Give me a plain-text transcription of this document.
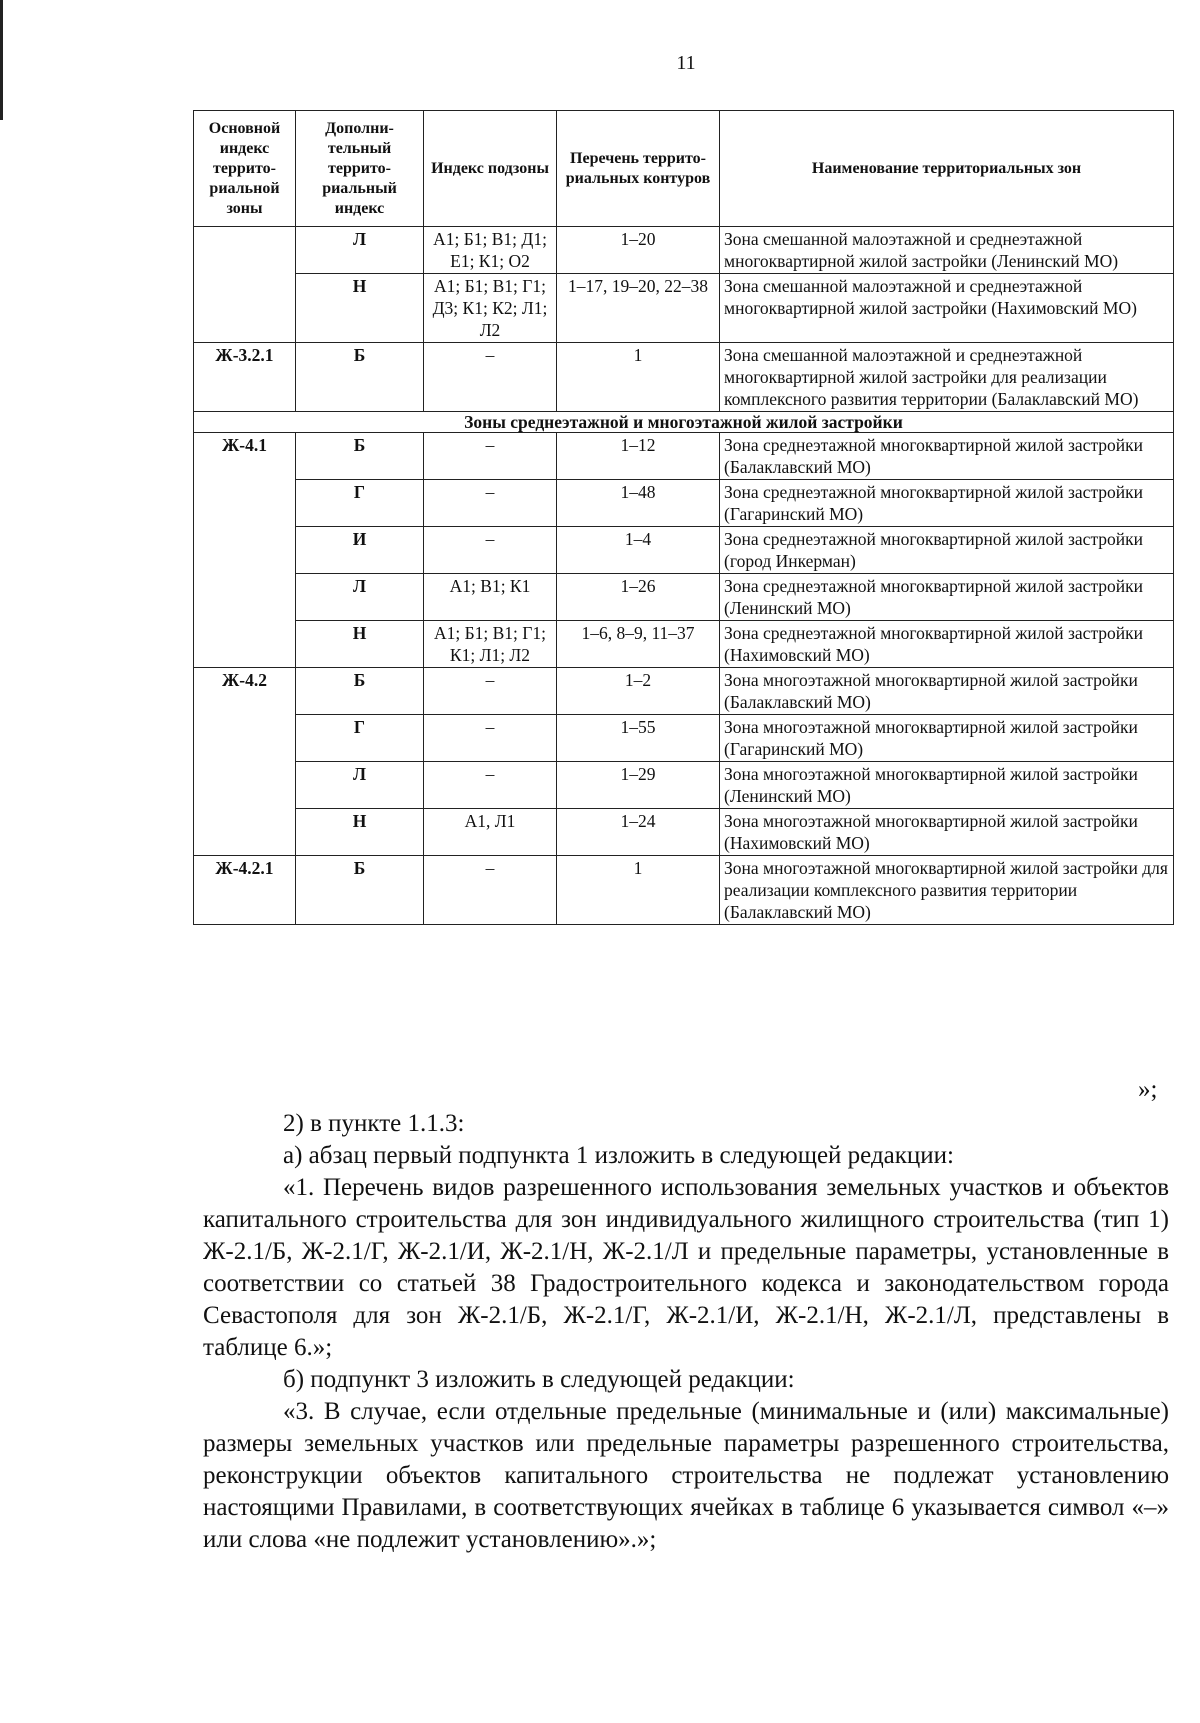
11
Основной индекс террито-риальной зоны	Дополни-тельный террито-риальный индекс	Индекс подзоны	Перечень террито-риальных контуров	Наименование территориальных зон
	Л	А1; Б1; В1; Д1; Е1; К1; О2	1–20	Зона смешанной малоэтажной и среднеэтажной многоквартирной жилой застройки (Ленинский МО)
	Н	А1; Б1; В1; Г1; Д3; К1; К2; Л1; Л2	1–17, 19–20, 22–38	Зона смешанной малоэтажной и среднеэтажной многоквартирной жилой застройки (Нахимовский МО)
Ж-3.2.1	Б	–	1	Зона смешанной малоэтажной и среднеэтажной многоквартирной жилой застройки для реализации комплексного развития территории (Балаклавский МО)
Зоны среднеэтажной и многоэтажной жилой застройки				
Ж-4.1	Б	–	1–12	Зона среднеэтажной многоквартирной жилой застройки (Балаклавский МО)
	Г	–	1–48	Зона среднеэтажной многоквартирной жилой застройки (Гагаринский МО)
	И	–	1–4	Зона среднеэтажной многоквартирной жилой застройки (город Инкерман)
	Л	А1; В1; К1	1–26	Зона среднеэтажной многоквартирной жилой застройки (Ленинский МО)
	Н	А1; Б1; В1; Г1; К1; Л1; Л2	1–6, 8–9, 11–37	Зона среднеэтажной многоквартирной жилой застройки (Нахимовский МО)
Ж-4.2	Б	–	1–2	Зона многоэтажной многоквартирной жилой застройки (Балаклавский МО)
	Г	–	1–55	Зона многоэтажной многоквартирной жилой застройки (Гагаринский МО)
	Л	–	1–29	Зона многоэтажной многоквартирной жилой застройки (Ленинский МО)
	Н	А1, Л1	1–24	Зона многоэтажной многоквартирной жилой застройки (Нахимовский МО)
Ж-4.2.1	Б	–	1	Зона многоэтажной многоквартирной жилой застройки для реализации комплексного развития территории (Балаклавский МО)
»;

2) в пункте 1.1.3:

а) абзац первый подпункта 1 изложить в следующей редакции:

«1. Перечень видов разрешенного использования земельных участков и объектов капитального строительства для зон индивидуального жилищного строительства (тип 1) Ж-2.1/Б, Ж-2.1/Г, Ж-2.1/И, Ж-2.1/Н, Ж-2.1/Л и предельные параметры, установленные в соответствии со статьей 38 Градостроительного кодекса и законодательством города Севастополя для зон Ж-2.1/Б, Ж-2.1/Г, Ж-2.1/И, Ж-2.1/Н, Ж-2.1/Л, представлены в таблице 6.»;

б) подпункт 3 изложить в следующей редакции:

«3. В случае, если отдельные предельные (минимальные и (или) максимальные) размеры земельных участков или предельные параметры разрешенного строительства, реконструкции объектов капитального строительства не подлежат установлению настоящими Правилами, в соответствующих ячейках в таблице 6 указывается символ «–» или слова «не подлежит установлению».»;
